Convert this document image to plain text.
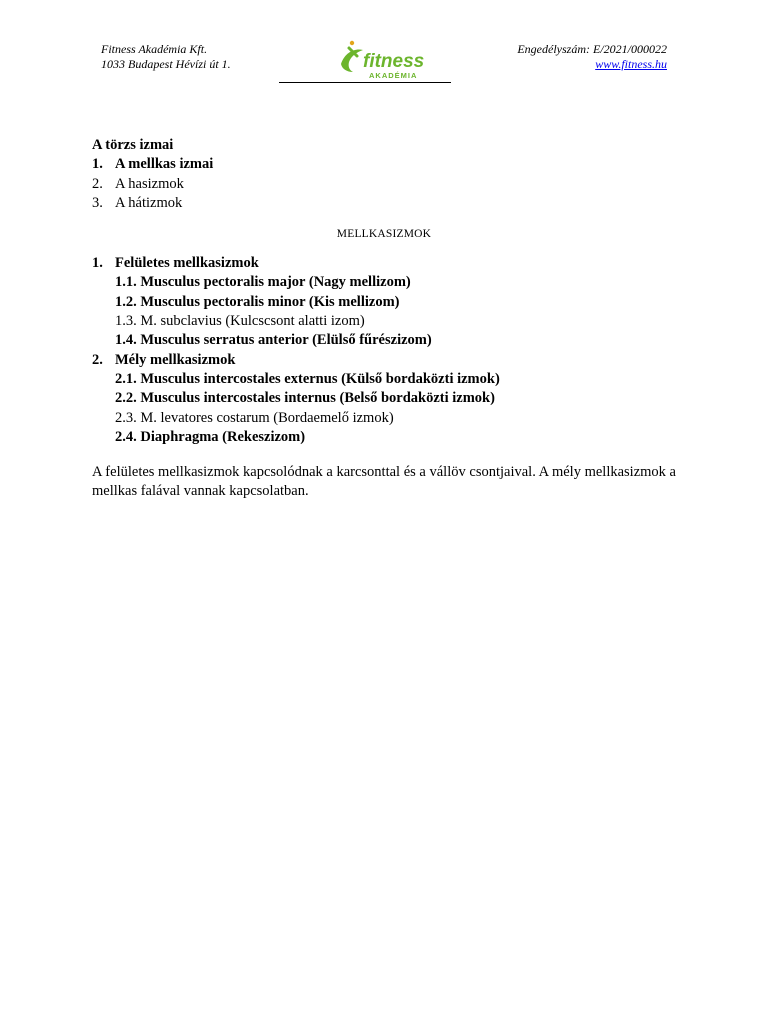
Fitness Akadémia Kft.
1033 Budapest Hévízi út 1.	fitness
AKADÉMIA
Engedélyszám: E/2021/000022
www.fitness.hu
A törzs izmai
1. A mellkas izmai
2. A hasizmok
3. A hátizmok
MELLKASIZMOK
1. Felületes mellkasizmok
1.1. Musculus pectoralis major (Nagy mellizom)
1.2. Musculus pectoralis minor (Kis mellizom)
1.3. M. subclavius (Kulcscsont alatti izom)
1.4. Musculus serratus anterior (Elülső fűrészizom)
2. Mély mellkasizmok
2.1. Musculus intercostales externus (Külső bordaközti izmok)
2.2. Musculus intercostales internus (Belső bordaközti izmok)
2.3. M. levatores costarum (Bordaemelő izmok)
2.4. Diaphragma (Rekeszizom)
A felületes mellkasizmok kapcsolódnak a karcsonttal és a vállöv csontjaival. A mély mellkasizmok a mellkas falával vannak kapcsolatban.
